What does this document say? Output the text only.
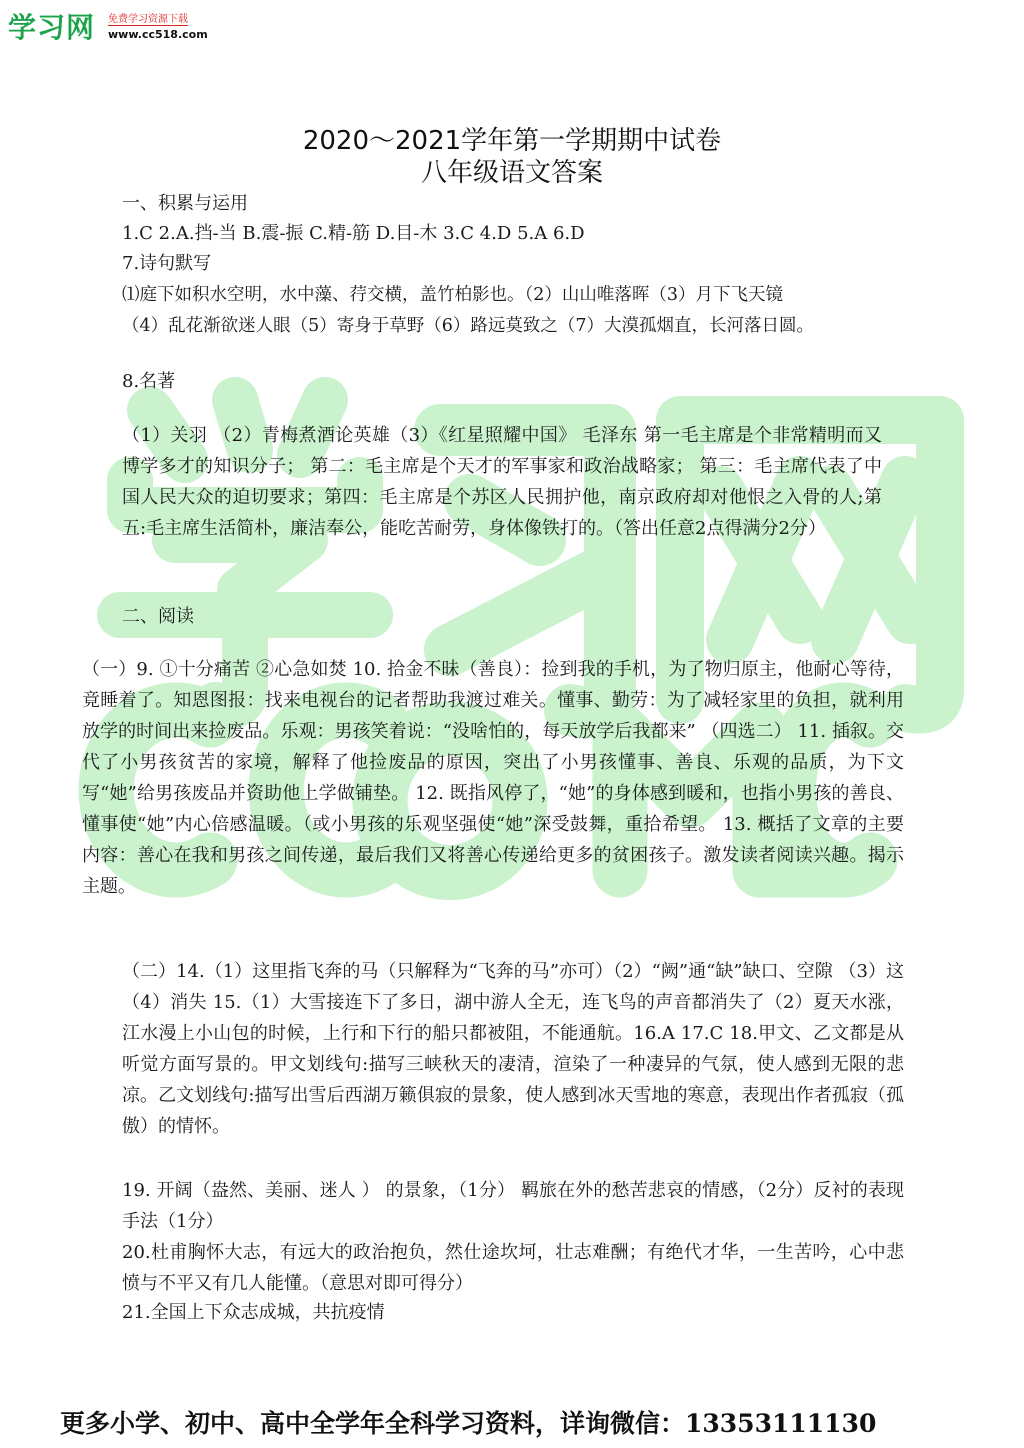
学习网 免费学习资源下载
www.cc518.com
2020～2021学年第一学期期中试卷
八年级语文答案
一、积累与运用
1.C 2.A.挡-当 B.震-振 C.精-筋 D.目-木 3.C 4.D 5.A 6.D
7.诗句默写
⑴庭下如积水空明，水中藻、荇交横，盖竹柏影也。（2）山山唯落晖（3）月下飞天镜
（4）乱花渐欲迷人眼（5）寄身于草野（6）路远莫致之（7）大漠孤烟直，长河落日圆。
8.名著
（1）关羽 （2）青梅煮酒论英雄（3）《红星照耀中国》 毛泽东 第一毛主席是个非常精明而又博学多才的知识分子； 第二：毛主席是个天才的军事家和政治战略家； 第三：毛主席代表了中国人民大众的迫切要求；第四：毛主席是个苏区人民拥护他，南京政府却对他恨之入骨的人;第五:毛主席生活简朴，廉洁奉公，能吃苦耐劳，身体像铁打的。（答出任意2点得满分2分）
二、阅读
（一）9. ①十分痛苦 ②心急如焚 10. 拾金不昧（善良）：捡到我的手机，为了物归原主，他耐心等待，竟睡着了。知恩图报：找来电视台的记者帮助我渡过难关。懂事、勤劳：为了减轻家里的负担，就利用放学的时间出来捡废品。乐观：男孩笑着说：“没啥怕的，每天放学后我都来” （四选二） 11. 插叙。交代了小男孩贫苦的家境，解释了他捡废品的原因，突出了小男孩懂事、善良、乐观的品质，为下文写“她”给男孩废品并资助他上学做铺垫。 12. 既指风停了，“她”的身体感到暖和，也指小男孩的善良、懂事使“她”内心倍感温暖。（或小男孩的乐观坚强使“她”深受鼓舞，重拾希望。 13. 概括了文章的主要内容：善心在我和男孩之间传递，最后我们又将善心传递给更多的贫困孩子。激发读者阅读兴趣。揭示主题。
（二）14.（1）这里指飞奔的马（只解释为“飞奔的马”亦可）（2）“阙”通“缺”缺口、空隙 （3）这（4）消失 15.（1）大雪接连下了多日，湖中游人全无，连飞鸟的声音都消失了（2）夏天水涨，江水漫上小山包的时候，上行和下行的船只都被阻，不能通航。16.A 17.C 18.甲文、乙文都是从听觉方面写景的。甲文划线句:描写三峡秋天的凄清，渲染了一种凄异的气氛，使人感到无限的悲凉。乙文划线句:描写出雪后西湖万籁俱寂的景象，使人感到冰天雪地的寒意，表现出作者孤寂（孤傲）的情怀。
19. 开阔（盎然、美丽、迷人 ） 的景象，（1分） 羁旅在外的愁苦悲哀的情感，（2分）反衬的表现手法（1分）
20.杜甫胸怀大志，有远大的政治抱负，然仕途坎坷，壮志难酬；有绝代才华，一生苦吟，心中悲愤与不平又有几人能懂。（意思对即可得分）
21.全国上下众志成城，共抗疫情
更多小学、初中、高中全学年全科学习资料，详询微信：13353111130
